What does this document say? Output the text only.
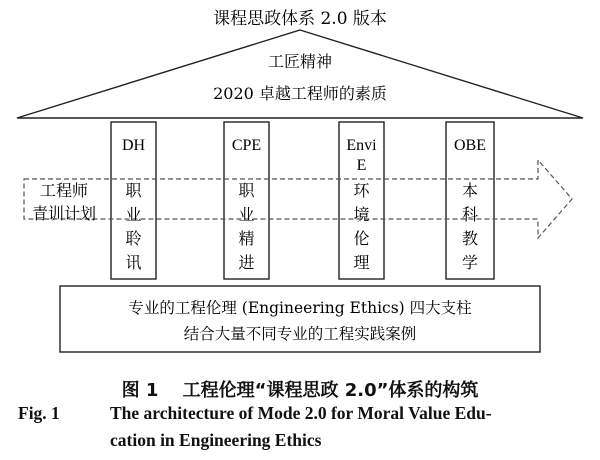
课程思政体系 2.0 版本
工匠精神
2020 卓越工程师的素质
工程师
青训计划
DH	CPE	Envi
E
OBE
职
业
聆
讯
职
业
精
进
环
境
伦
理
本
科
教
学
专业的工程伦理 (Engineering Ethics) 四大支柱
结合大量不同专业的工程实践案例
图 1　 工程伦理“课程思政 2.0”体系的构筑
Fig. 1	The architecture of Mode 2.0 for Moral Value Edu-
cation in Engineering Ethics
